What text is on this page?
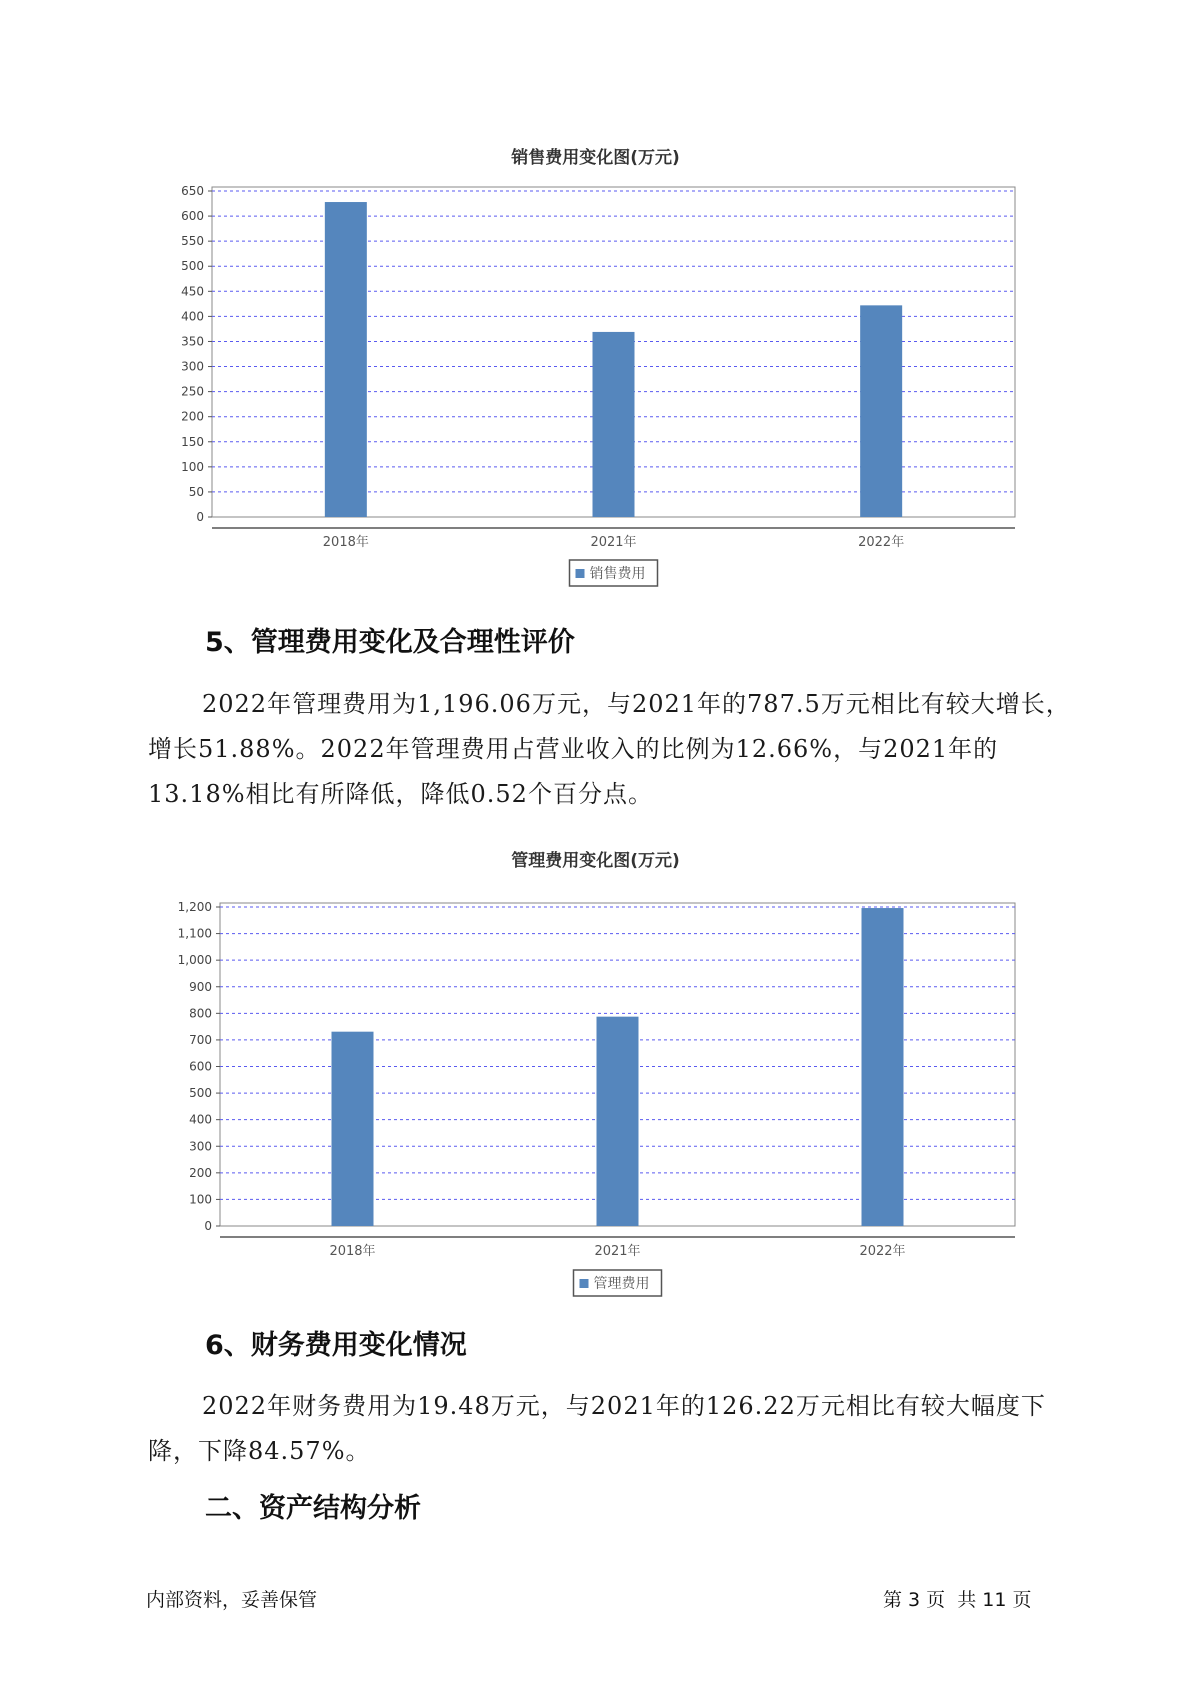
销售费用变化图(万元)
0
50
100
150
200
250
300
350
400
450
500
550
600
650
2018年	2021年	2022年
销售费用
5、管理费用变化及合理性评价

2022年管理费用为1,196.06万元，与2021年的787.5万元相比有较大增长，增长51.88%。2022年管理费用占营业收入的比例为12.66%，与2021年的13.18%相比有所降低，降低0.52个百分点。

管理费用变化图(万元)
0
100
200
300
400
500
600
700
800
900
1,000
1,100
1,200
2018年	2021年	2022年
管理费用
6、财务费用变化情况

2022年财务费用为19.48万元，与2021年的126.22万元相比有较大幅度下降，下降84.57%。

二、资产结构分析
内部资料，妥善保管	第 3 页  共 11 页
